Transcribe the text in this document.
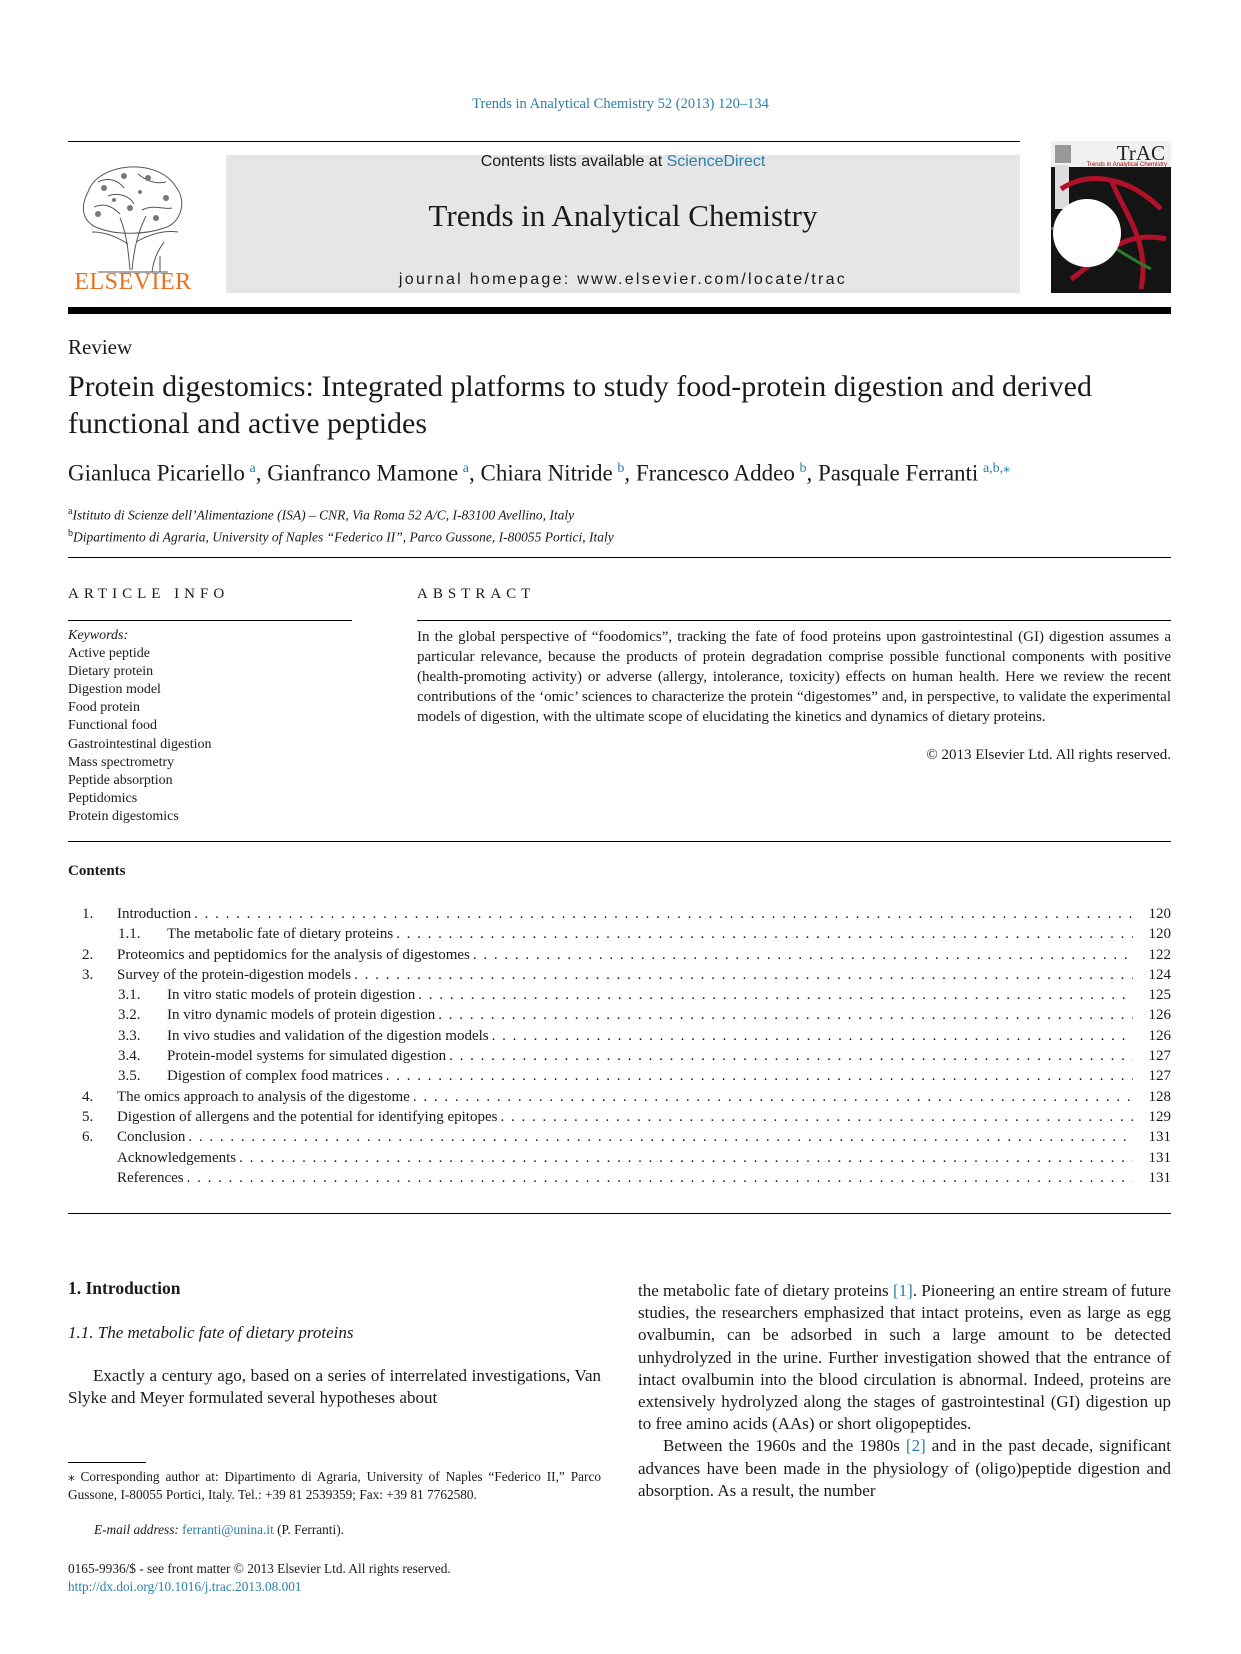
Trends in Analytical Chemistry 52 (2013) 120–134
ELSEVIER
Contents lists available at ScienceDirect
Trends in Analytical Chemistry
journal homepage: www.elsevier.com/locate/trac
TrAC
Trends in Analytical Chemistry
Review
Protein digestomics: Integrated platforms to study food-protein digestion and derived functional and active peptides
Gianluca Picariello  $^a$, Gianfranco Mamone  $^a$, Chiara Nitride  $^b$, Francesco Addeo  $^b$, Pasquale Ferranti  $^{a,b,⁎}$
$^a$Istituto di Scienze dell’Alimentazione (ISA) – CNR, Via Roma 52 A/C, I-83100 Avellino, Italy
$^b$Dipartimento di Agraria, University of Naples “Federico II”, Parco Gussone, I-80055 Portici, Italy
ARTICLE INFO	ABSTRACT
Keywords:
Active peptide
Dietary protein
Digestion model
Food protein
Functional food
Gastrointestinal digestion
Mass spectrometry
Peptide absorption
Peptidomics
Protein digestomics
In the global perspective of “foodomics”, tracking the fate of food proteins upon gastrointestinal (GI) digestion assumes a particular relevance, because the products of protein degradation comprise possible functional components with positive (health-promoting activity) or adverse (allergy, intolerance, toxicity) effects on human health. Here we review the recent contributions of the ‘omic’ sciences to characterize the protein “digestomes” and, in perspective, to validate the experimental models of digestion, with the ultimate scope of elucidating the kinetics and dynamics of dietary proteins.
© 2013 Elsevier Ltd. All rights reserved.
Contents
1. Introduction . . .	120
1.1. The metabolic fate of dietary proteins . . .	120
2. Proteomics and peptidomics for the analysis of digestomes . . .	122
3. Survey of the protein-digestion models . . .	124
3.1. In vitro static models of protein digestion . . .	125
3.2. In vitro dynamic models of protein digestion . . .	126
3.3. In vivo studies and validation of the digestion models . . .	126
3.4. Protein-model systems for simulated digestion . . .	127
3.5. Digestion of complex food matrices . . .	127
4. The omics approach to analysis of the digestome . . .	128
5. Digestion of allergens and the potential for identifying epitopes . . .	129
6. Conclusion . . .	131
Acknowledgements . . .	131
References . . .	131
1. Introduction
1.1. The metabolic fate of dietary proteins
Exactly a century ago, based on a series of interrelated investigations, Van Slyke and Meyer formulated several hypotheses about
⁎ Corresponding author at: Dipartimento di Agraria, University of Naples “Federico II,” Parco Gussone, I-80055 Portici, Italy. Tel.: +39 81 2539359; Fax: +39 81 7762580.
E-mail address: ferranti@unina.it (P. Ferranti).
0165-9936/$ - see front matter © 2013 Elsevier Ltd. All rights reserved.
http://dx.doi.org/10.1016/j.trac.2013.08.001

the metabolic fate of dietary proteins [1]. Pioneering an entire stream of future studies, the researchers emphasized that intact proteins, even as large as egg ovalbumin, can be adsorbed in such a large amount to be detected unhydrolyzed in the urine. Further investigation showed that the entrance of intact ovalbumin into the blood circulation is abnormal. Indeed, proteins are extensively hydrolyzed along the stages of gastrointestinal (GI) digestion up to free amino acids (AAs) or short oligopeptides.

Between the 1960s and the 1980s [2] and in the past decade, significant advances have been made in the physiology of (oligo)peptide digestion and absorption. As a result, the number
